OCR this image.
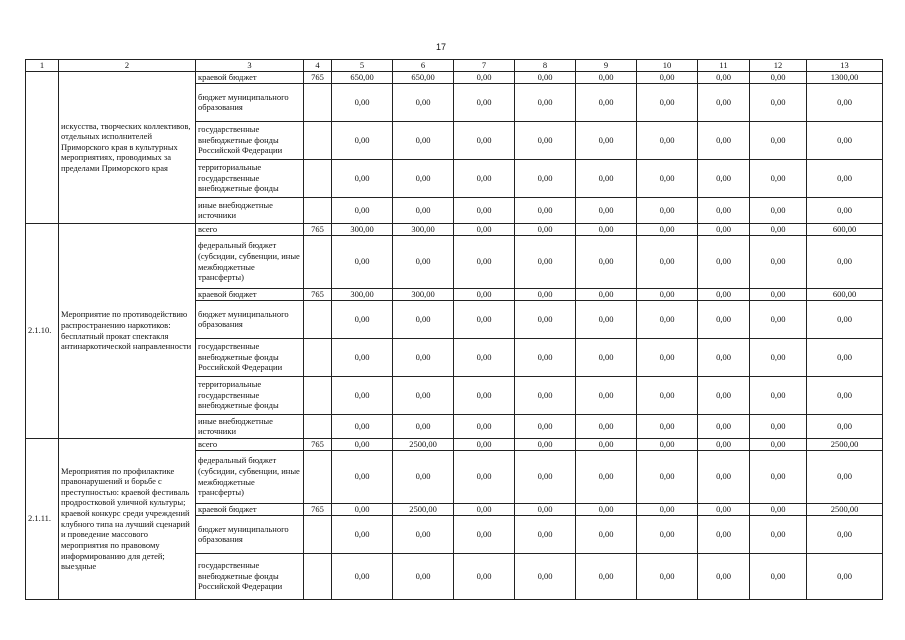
17
1	2	3	4	5	6	7	8	9	10	11	12	13
	искусства, творческих коллективов, отдельных исполнителей Приморского края в культурных мероприятиях, проводимых за пределами Приморского края	краевой бюджет	765	650,00	650,00	0,00	0,00	0,00	0,00	0,00	0,00	1300,00
		бюджет муниципального образования		0,00	0,00	0,00	0,00	0,00	0,00	0,00	0,00	0,00
		государственные внебюджетные фонды Российской Федерации		0,00	0,00	0,00	0,00	0,00	0,00	0,00	0,00	0,00
		территориальные государственные внебюджетные фонды		0,00	0,00	0,00	0,00	0,00	0,00	0,00	0,00	0,00
		иные внебюджетные источники		0,00	0,00	0,00	0,00	0,00	0,00	0,00	0,00	0,00
2.1.10.	Мероприятие по противодействию распространению наркотиков: бесплатный прокат спектакля антинаркотической направленности	всего	765	300,00	300,00	0,00	0,00	0,00	0,00	0,00	0,00	600,00
		федеральный бюджет (субсидии, субвенции, иные межбюджетные трансферты)		0,00	0,00	0,00	0,00	0,00	0,00	0,00	0,00	0,00
		краевой бюджет	765	300,00	300,00	0,00	0,00	0,00	0,00	0,00	0,00	600,00
		бюджет муниципального образования		0,00	0,00	0,00	0,00	0,00	0,00	0,00	0,00	0,00
		государственные внебюджетные фонды Российской Федерации		0,00	0,00	0,00	0,00	0,00	0,00	0,00	0,00	0,00
		территориальные государственные внебюджетные фонды		0,00	0,00	0,00	0,00	0,00	0,00	0,00	0,00	0,00
		иные внебюджетные источники		0,00	0,00	0,00	0,00	0,00	0,00	0,00	0,00	0,00
2.1.11.	Мероприятия по профилактике правонарушений и борьбе с преступностью: краевой фестиваль продростковой уличной культуры; краевой конкурс среди учреждений клубного типа на лучший сценарий и проведение массового мероприятия по правовому информированию для детей; выездные	всего	765	0,00	2500,00	0,00	0,00	0,00	0,00	0,00	0,00	2500,00
		федеральный бюджет (субсидии, субвенции, иные межбюджетные трансферты)		0,00	0,00	0,00	0,00	0,00	0,00	0,00	0,00	0,00
		краевой бюджет	765	0,00	2500,00	0,00	0,00	0,00	0,00	0,00	0,00	2500,00
		бюджет муниципального образования		0,00	0,00	0,00	0,00	0,00	0,00	0,00	0,00	0,00
		государственные внебюджетные фонды Российской Федерации		0,00	0,00	0,00	0,00	0,00	0,00	0,00	0,00	0,00
